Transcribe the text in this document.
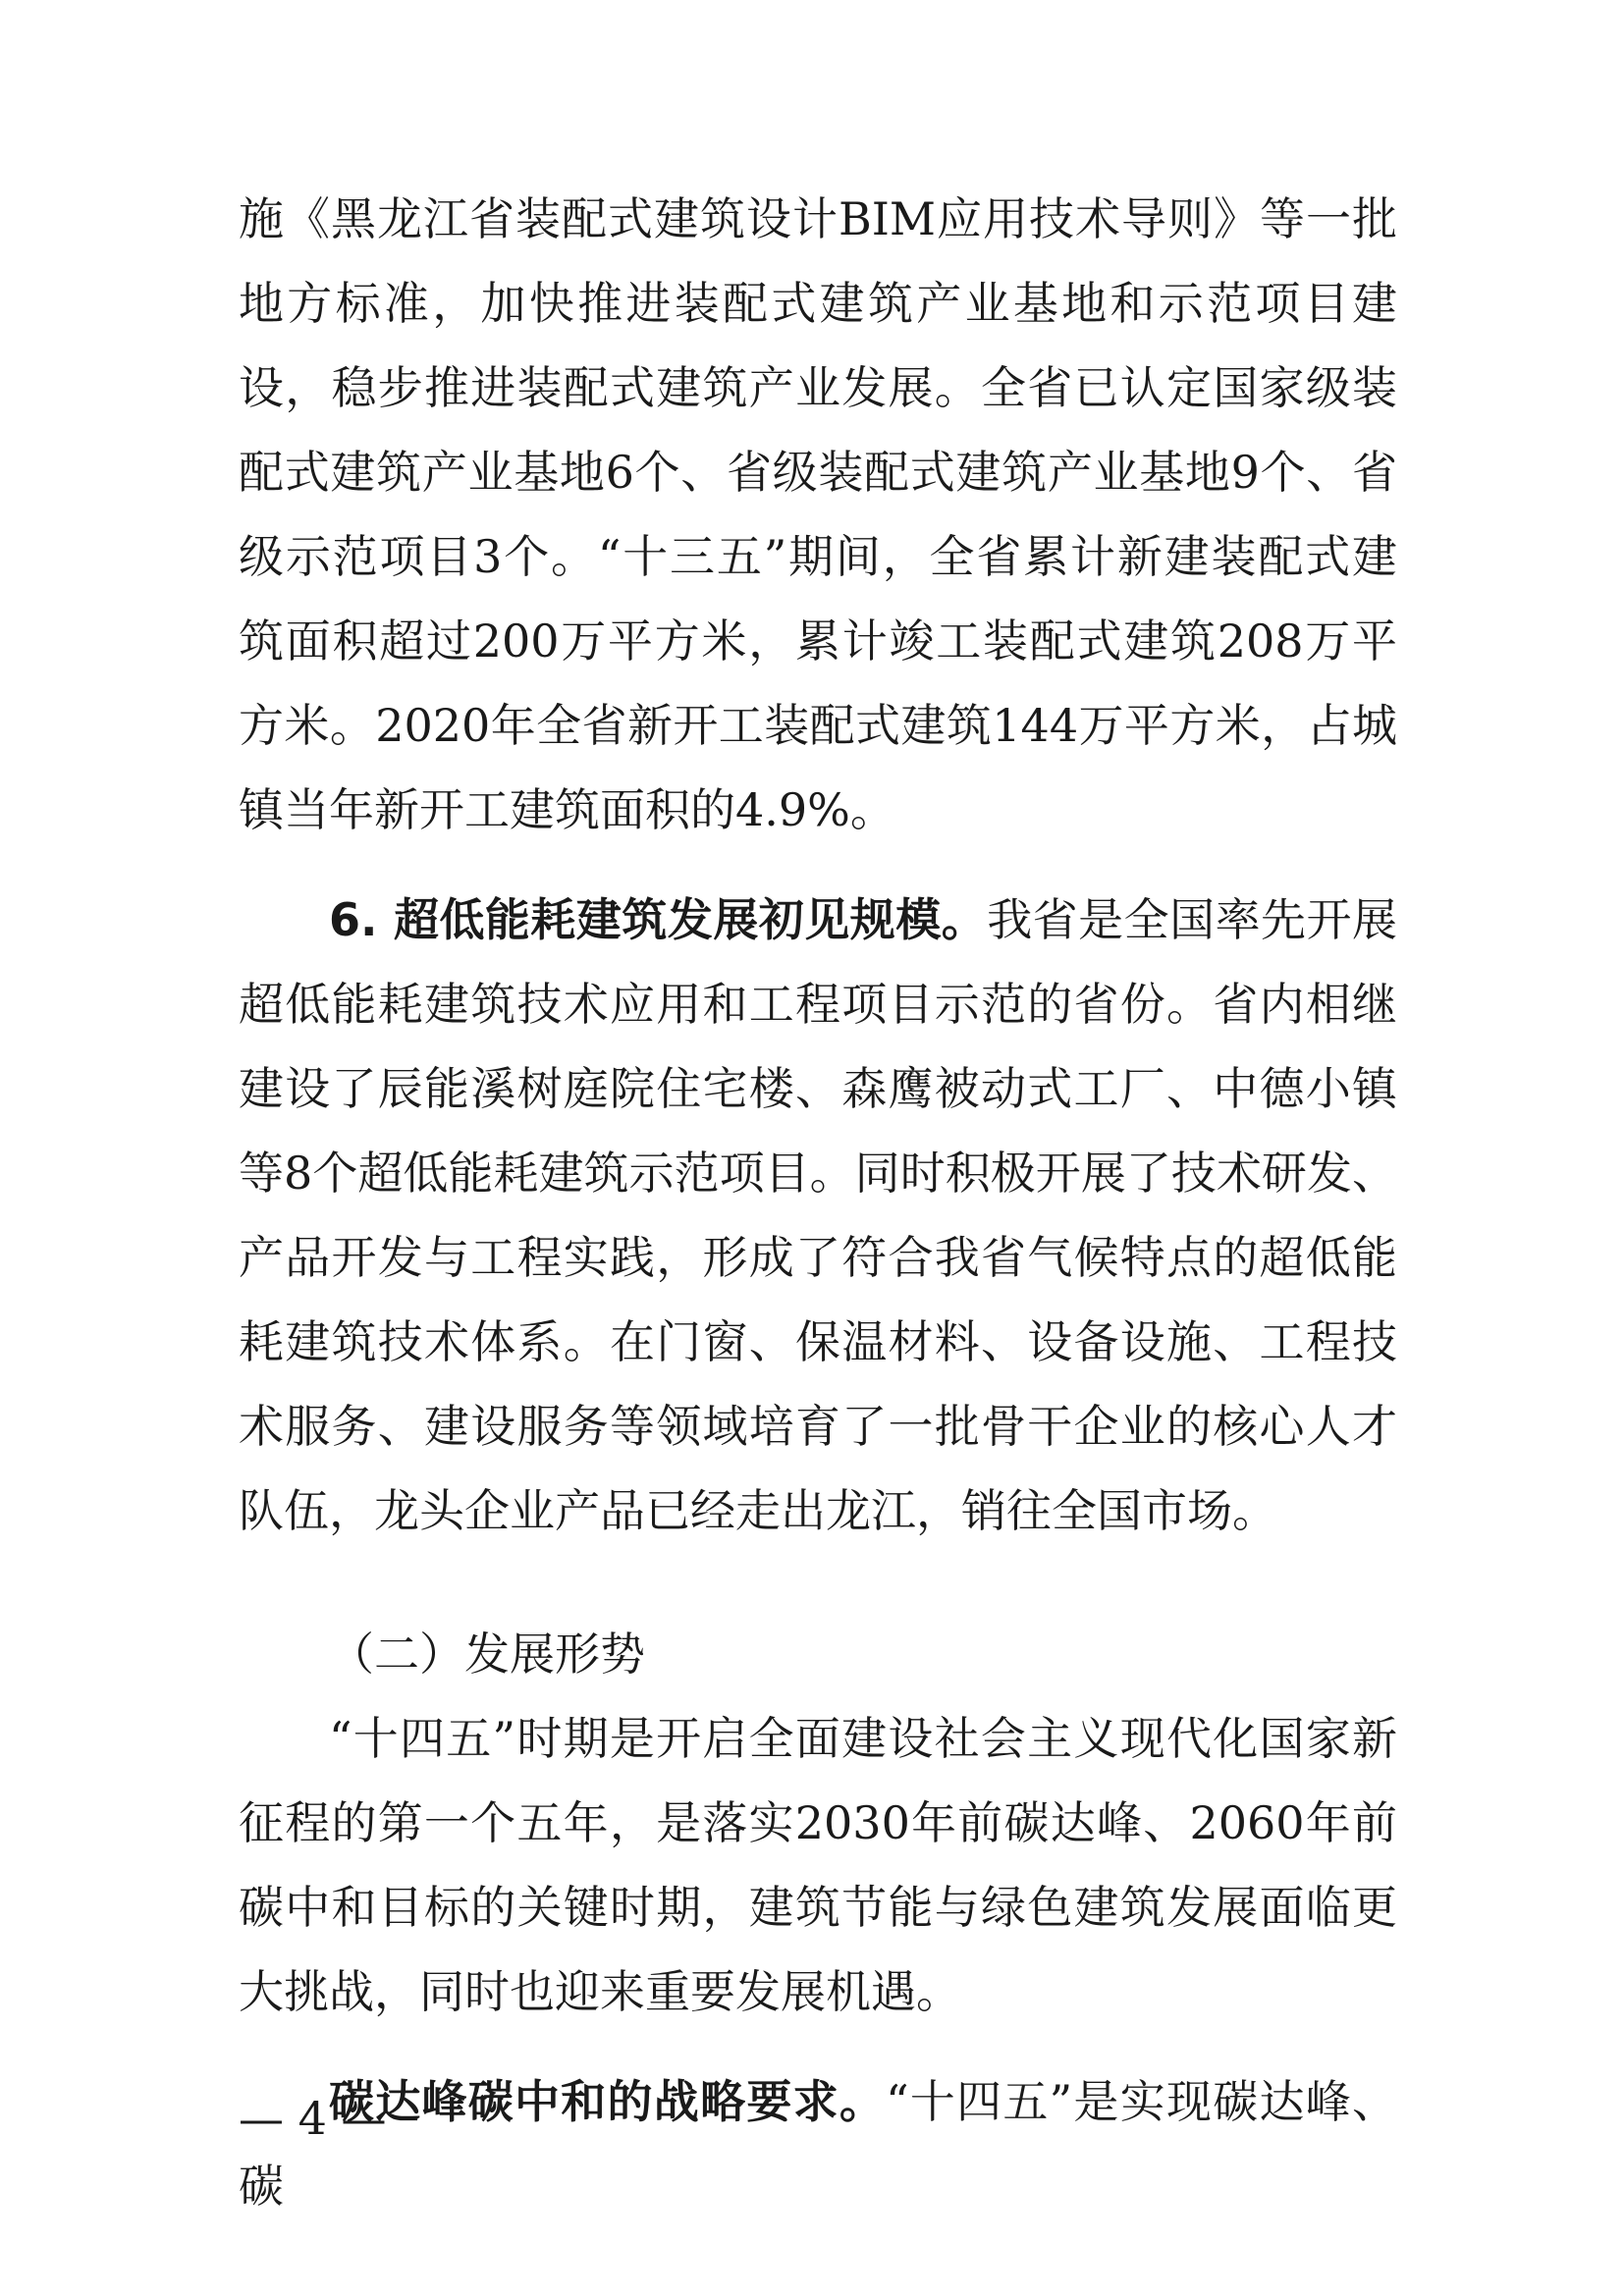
施《黑龙江省装配式建筑设计BIM应用技术导则》等一批地方标准，加快推进装配式建筑产业基地和示范项目建设，稳步推进装配式建筑产业发展。全省已认定国家级装配式建筑产业基地6个、省级装配式建筑产业基地9个、省级示范项目3个。“十三五”期间，全省累计新建装配式建筑面积超过200万平方米，累计竣工装配式建筑208万平方米。2020年全省新开工装配式建筑144万平方米，占城镇当年新开工建筑面积的4.9%。

6. 超低能耗建筑发展初见规模。我省是全国率先开展超低能耗建筑技术应用和工程项目示范的省份。省内相继建设了辰能溪树庭院住宅楼、森鹰被动式工厂、中德小镇等8个超低能耗建筑示范项目。同时积极开展了技术研发、产品开发与工程实践，形成了符合我省气候特点的超低能耗建筑技术体系。在门窗、保温材料、设备设施、工程技术服务、建设服务等领域培育了一批骨干企业的核心人才队伍，龙头企业产品已经走出龙江，销往全国市场。

（二）发展形势

“十四五”时期是开启全面建设社会主义现代化国家新征程的第一个五年，是落实2030年前碳达峰、2060年前碳中和目标的关键时期，建筑节能与绿色建筑发展面临更大挑战，同时也迎来重要发展机遇。

碳达峰碳中和的战略要求。“十四五”是实现碳达峰、碳

— 4 —
